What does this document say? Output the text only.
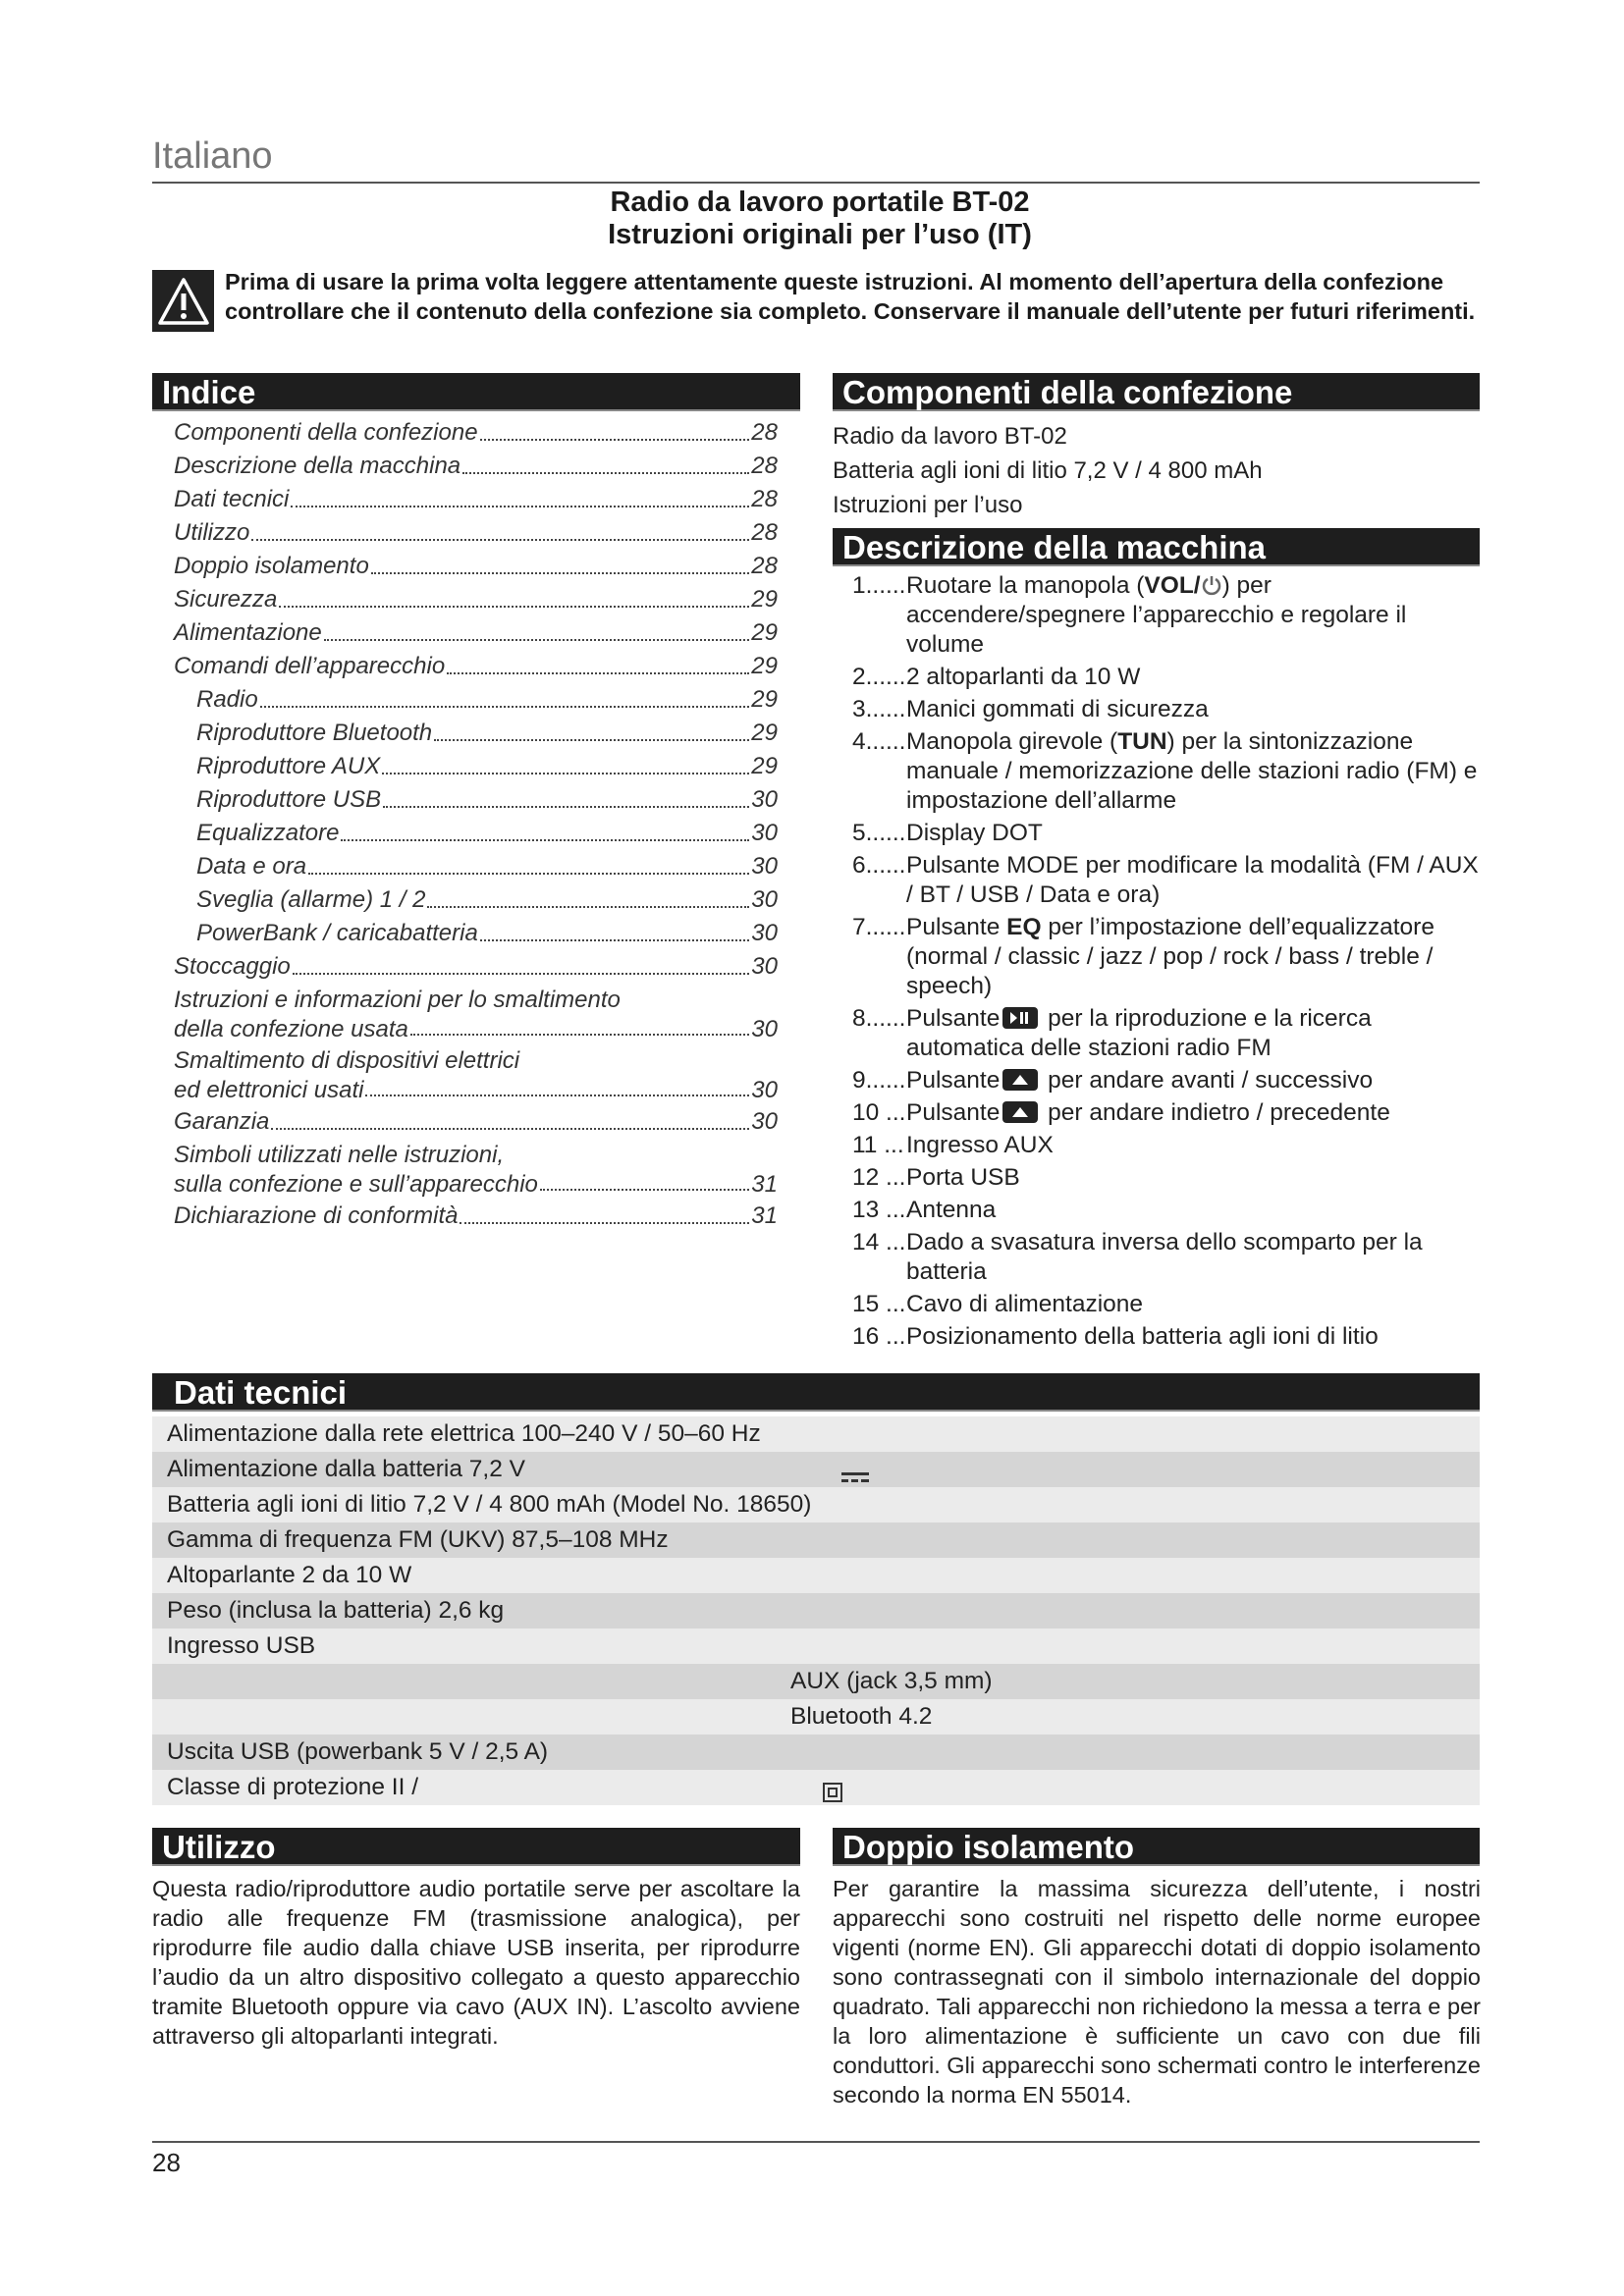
Italiano
Radio da lavoro portatile BT-02
Istruzioni originali per l’uso (IT)
Prima di usare la prima volta leggere attentamente queste istruzioni. Al momento dell’apertura della confezione controllare che il contenuto della confezione sia completo. Conservare il manuale dell’utente per futuri riferimenti.
Indice
Componenti della confezione	28
Descrizione della macchina	28
Dati tecnici	28
Utilizzo	28
Doppio isolamento	28
Sicurezza	29
Alimentazione	29
Comandi dell’apparecchio	29
Radio	29
Riproduttore Bluetooth	29
Riproduttore AUX	29
Riproduttore USB	30
Equalizzatore	30
Data e ora	30
Sveglia (allarme) 1 / 2	30
PowerBank / caricabatteria	30
Stoccaggio	30
Istruzioni e informazioni per lo smaltimento
della confezione usata	30
Smaltimento di dispositivi elettrici
ed elettronici usati	30
Garanzia	30
Simboli utilizzati nelle istruzioni,
sulla confezione e sull’apparecchio	31
Dichiarazione di conformità	31
Componenti della confezione
Radio da lavoro BT-02
Batteria agli ioni di litio 7,2 V / 4 800 mAh
Istruzioni per l’uso
Descrizione della macchina
1...... Ruotare la manopola (VOL/ ) per accendere/spegnere l’apparecchio e regolare il volume
2...... 2 altoparlanti da 10 W
3...... Manici gommati di sicurezza
4...... Manopola girevole (TUN) per la sintonizzazione manuale / memorizzazione delle stazioni radio (FM) e impostazione dell’allarme
5...... Display DOT
6...... Pulsante MODE per modificare la modalità (FM / AUX / BT / USB / Data e ora)
7...... Pulsante EQ per l’impostazione dell’equalizzatore (normal / classic / jazz / pop / rock / bass / treble / speech)
8...... Pulsante
per la riproduzione e la ricerca automatica delle stazioni radio FM
9...... Pulsante
per andare avanti / successivo
10 ... Pulsante
per andare indietro / precedente
11 ... Ingresso AUX
12 ... Porta USB
13 ... Antenna
14 ... Dado a svasatura inversa dello scomparto per la batteria
15 ... Cavo di alimentazione
16 ... Posizionamento della batteria agli ioni di litio
Dati tecnici
Alimentazione dalla rete elettrica 100–240 V / 50–60 Hz
Alimentazione dalla batteria 7,2 V
Batteria agli ioni di litio 7,2 V / 4 800 mAh (Model No. 18650)
Gamma di frequenza FM (UKV) 87,5–108 MHz
Altoparlante 2 da 10 W
Peso (inclusa la batteria) 2,6 kg
Ingresso USB
AUX (jack 3,5 mm)
Bluetooth 4.2
Uscita USB (powerbank 5 V / 2,5 A)
Classe di protezione II /
Utilizzo
Questa radio/riproduttore audio portatile serve per ascoltare la radio alle frequenze FM (trasmissione analogica), per riprodurre file audio dalla chiave USB inserita, per riprodurre l’audio da un altro dispositivo collegato a questo apparecchio tramite Bluetooth oppure via cavo (AUX IN). L’ascolto avviene attraverso gli altoparlanti integrati.
Doppio isolamento
Per garantire la massima sicurezza dell’utente, i nostri apparecchi sono costruiti nel rispetto delle norme europee vigenti (norme EN). Gli apparecchi dotati di doppio isolamento sono contrassegnati con il simbolo internazionale del doppio quadrato. Tali apparecchi non richiedono la messa a terra e per la loro alimentazione è sufficiente un cavo con due fili conduttori. Gli apparecchi sono schermati contro le interferenze secondo la norma EN 55014.
28
